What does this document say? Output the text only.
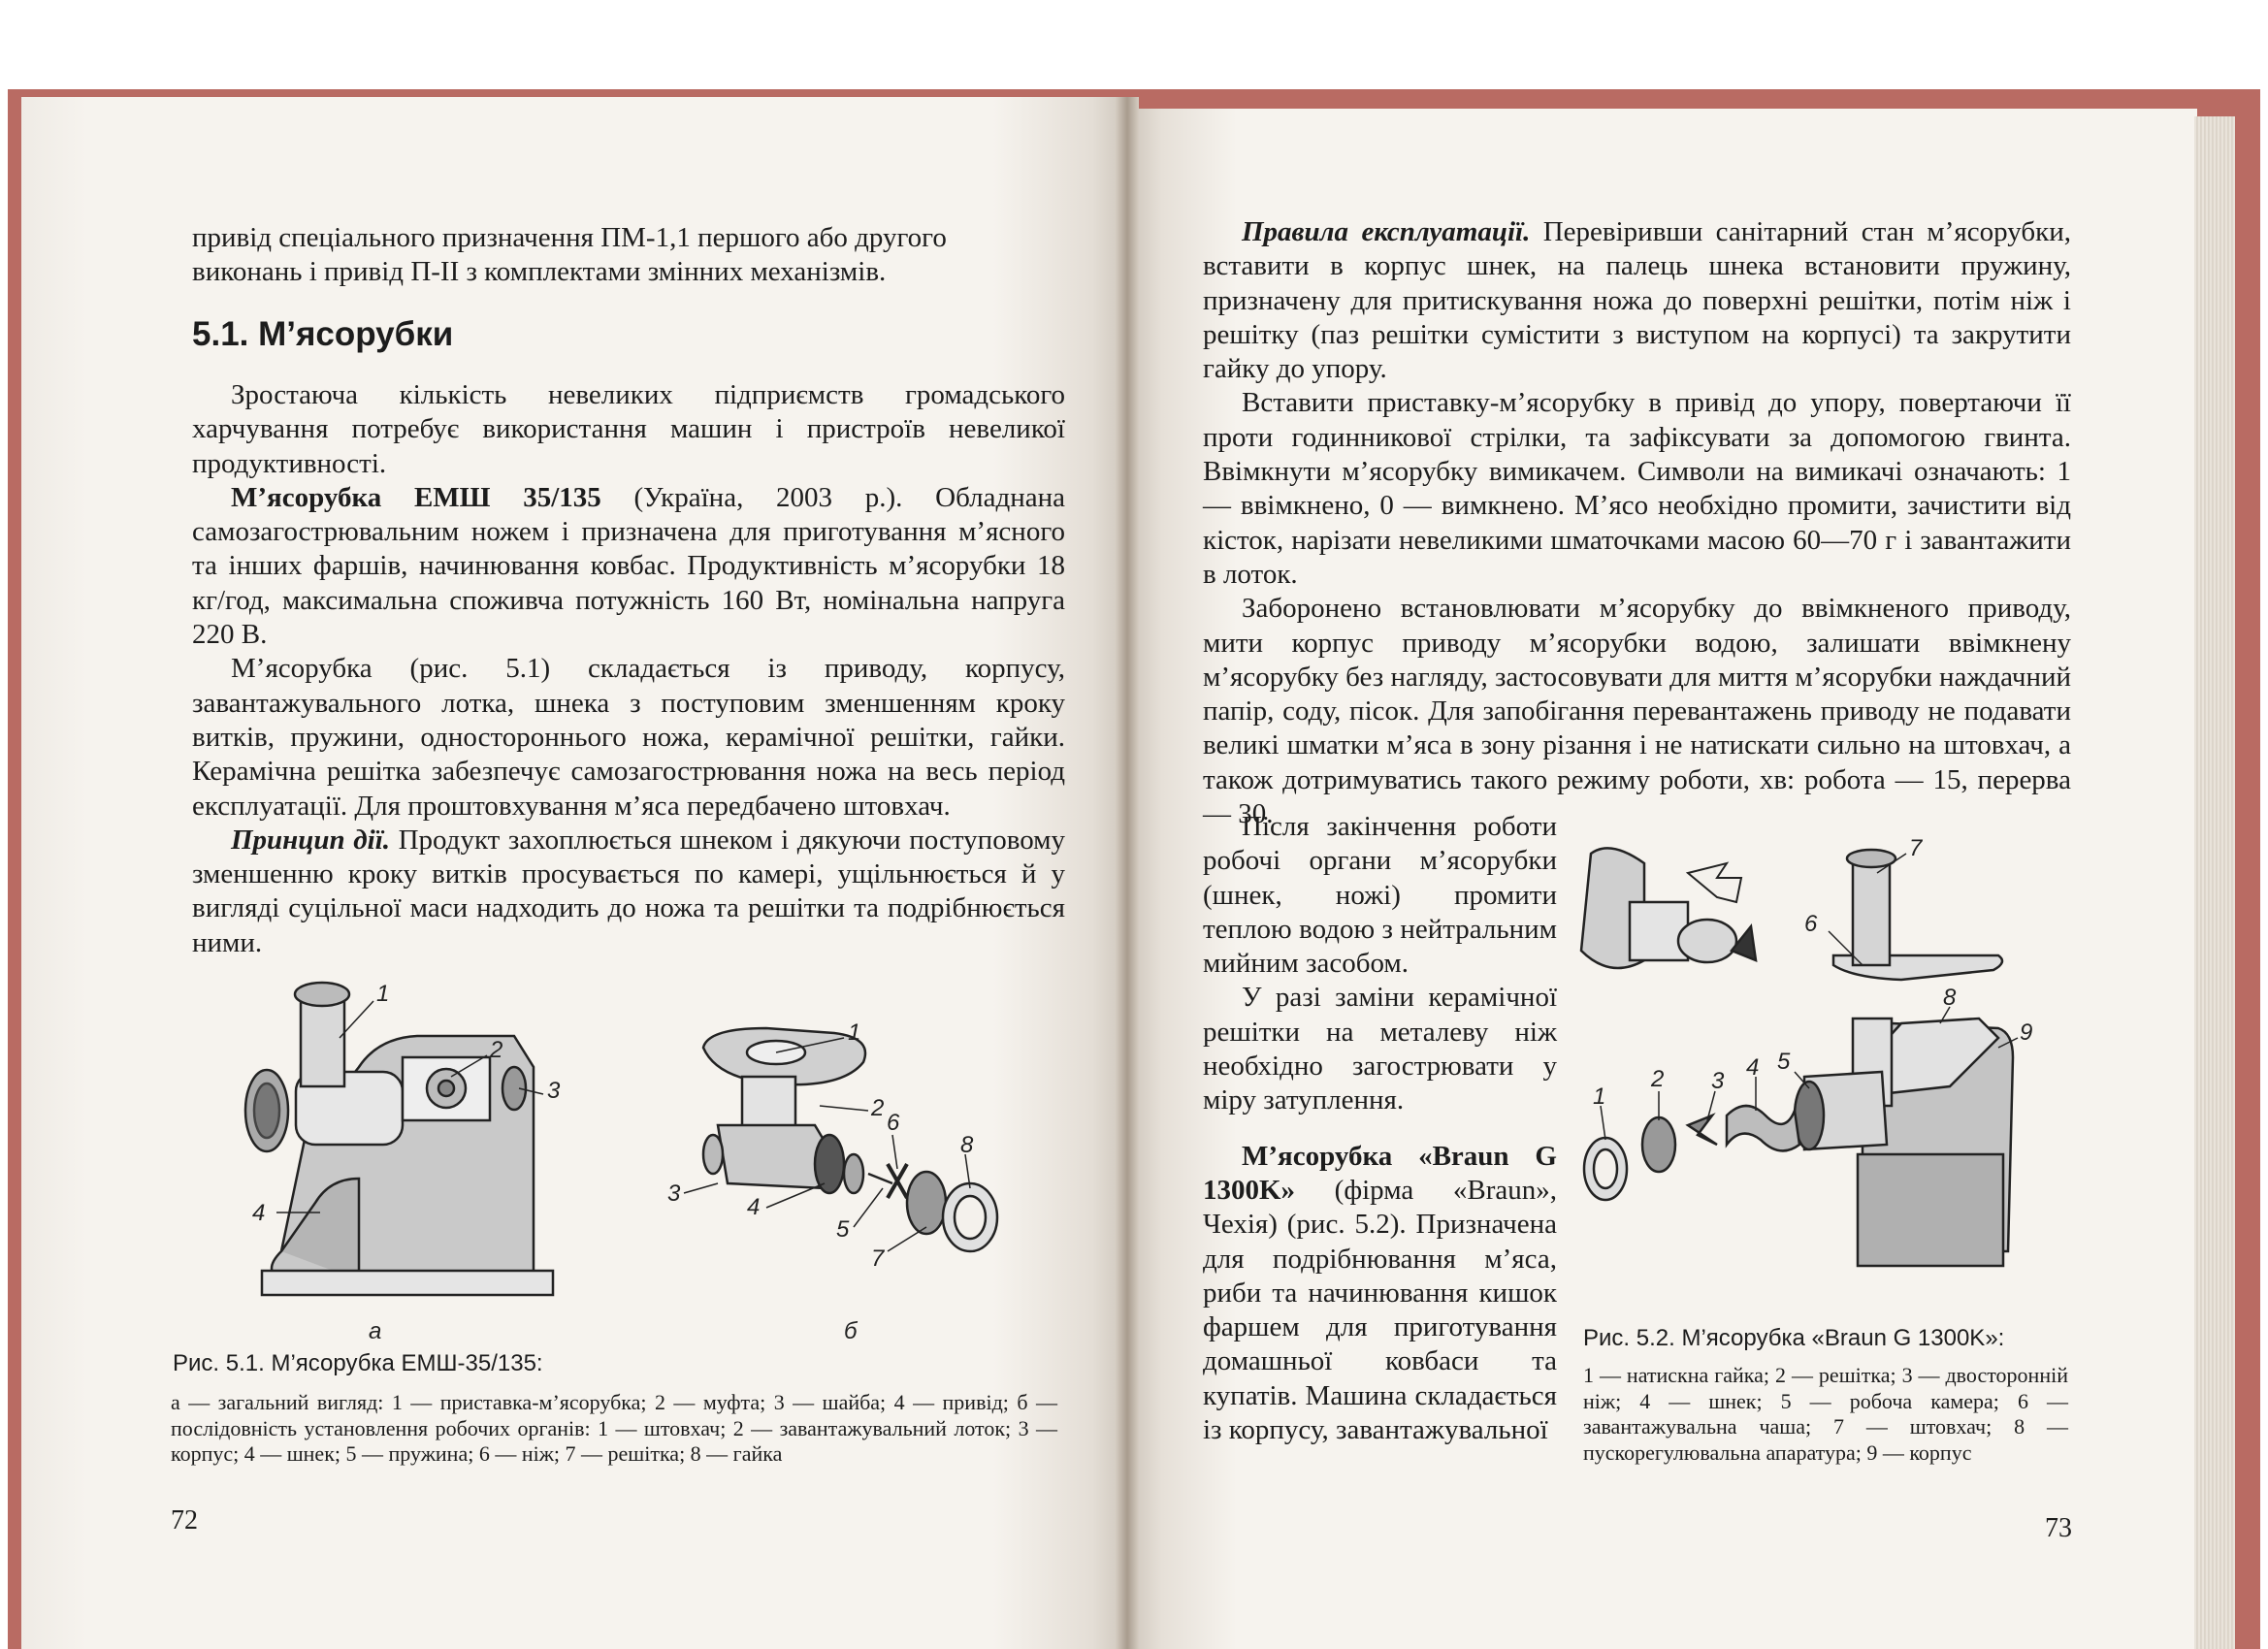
привід спеціального призначення ПМ-1,1 першого або другого

виконань і привід П-ІІ з комплектами змінних механізмів.

5.1. М’ясорубки

Зростаюча кількість невеликих підприємств громадського харчування потребує використання машин і пристроїв невеликої продуктивності.

М’ясорубка ЕМШ 35/135 (Україна, 2003 р.). Обладнана самозагострювальним ножем і призначена для приготування м’ясного та інших фаршів, начинювання ковбас. Продуктивність м’ясорубки 18 кг/год, максимальна споживча потужність 160 Вт, номінальна напруга 220 В.

М’ясорубка (рис. 5.1) складається із приводу, корпусу, завантажувального лотка, шнека з поступовим зменшенням кроку витків, пружини, одностороннього ножа, керамічної решітки, гайки. Керамічна решітка забезпечує самозагострювання ножа на весь період експлуатації. Для проштовхування м’яса передбачено штовхач.

Принцип дії. Продукт захоплюється шнеком і дякуючи поступовому зменшенню кроку витків просувається по камері, ущільнюється й у вигляді суцільної маси надходить до ножа та решітки та подрібнюється ними.

1
2
3
4
а
1
2
3
4
5
6
7
8
б
Рис. 5.1. М’ясорубка ЕМШ-35/135:
а — загальний вигляд: 1 — приставка-м’ясорубка; 2 — муфта; 3 — шайба; 4 — привід; б — послідовність установлення робочих органів: 1 — штовхач; 2 — завантажувальний лоток; 3 — корпус; 4 — шнек; 5 — пружина; 6 — ніж; 7 — решітка; 8 — гайка
72

Правила експлуатації. Перевіривши санітарний стан м’ясорубки, вставити в корпус шнек, на палець шнека встановити пружину, призначену для притискування ножа до поверхні решітки, потім ніж і решітку (паз решітки сумістити з виступом на корпусі) та закрутити гайку до упору.

Вставити приставку-м’ясорубку в привід до упору, повертаючи її проти годинникової стрілки, та зафіксувати за допомогою гвинта. Ввімкнути м’ясорубку вимикачем. Символи на вимикачі означають: 1 — ввімкнено, 0 — вимкнено. М’ясо необхідно промити, зачистити від кісток, нарізати невеликими шматочками масою 60—70 г і завантажити в лоток.

Заборонено встановлювати м’ясорубку до ввімкненого приводу, мити корпус приводу м’ясорубки водою, залишати ввімкнену м’ясорубку без нагляду, застосовувати для миття м’ясорубки наждачний папір, соду, пісок. Для запобігання перевантажень приводу не подавати великі шматки м’яса в зону різання і не натискати сильно на штовхач, а також дотримуватись такого режиму роботи, хв: робота — 15, перерва — 30.

Після закінчення роботи робочі органи м’ясорубки (шнек, ножі) промити теплою водою з нейтральним мийним засобом.

У разі заміни керамічної решітки на металеву ніж необхідно загострювати у міру затуплення.

М’ясорубка «Braun G 1300K» (фірма «Braun», Чехія) (рис. 5.2). Призначена для подрібнювання м’яса, риби та начинювання кишок фаршем для приготування домашньої ковбаси та купатів. Машина складається із корпусу, завантажувальної

1
2 3
4 5
6
7
8
9
Рис. 5.2. М’ясорубка «Braun G 1300K»:
1 — натискна гайка; 2 — решітка; 3 — двосторонній ніж; 4 — шнек; 5 — робоча камера; 6 — завантажувальна чаша; 7 — штовхач; 8 — пускорегулювальна апаратура; 9 — корпус
73
